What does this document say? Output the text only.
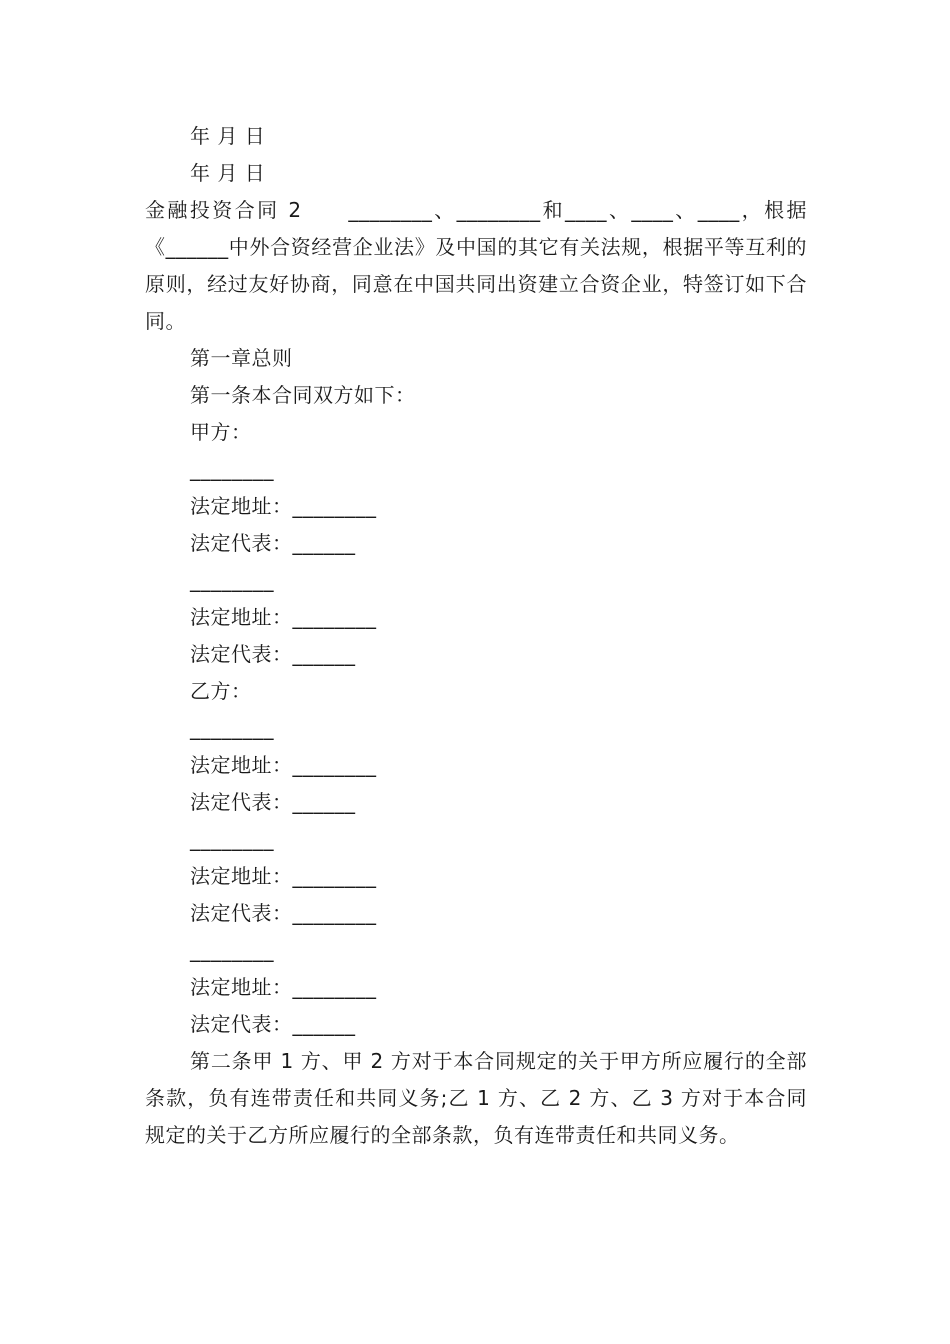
年 月 日

年 月 日

金融投资合同 2　　________、________和____、____、____，根据《______中外合资经营企业法》及中国的其它有关法规，根据平等互利的原则，经过友好协商，同意在中国共同出资建立合资企业，特签订如下合同。

第一章总则

第一条本合同双方如下：

甲方：

________

法定地址：________

法定代表：______

________

法定地址：________

法定代表：______

乙方：

________

法定地址：________

法定代表：______

________

法定地址：________

法定代表：________

________

法定地址：________

法定代表：______

第二条甲 1 方、甲 2 方对于本合同规定的关于甲方所应履行的全部条款，负有连带责任和共同义务;乙 1 方、乙 2 方、乙 3 方对于本合同规定的关于乙方所应履行的全部条款，负有连带责任和共同义务。
